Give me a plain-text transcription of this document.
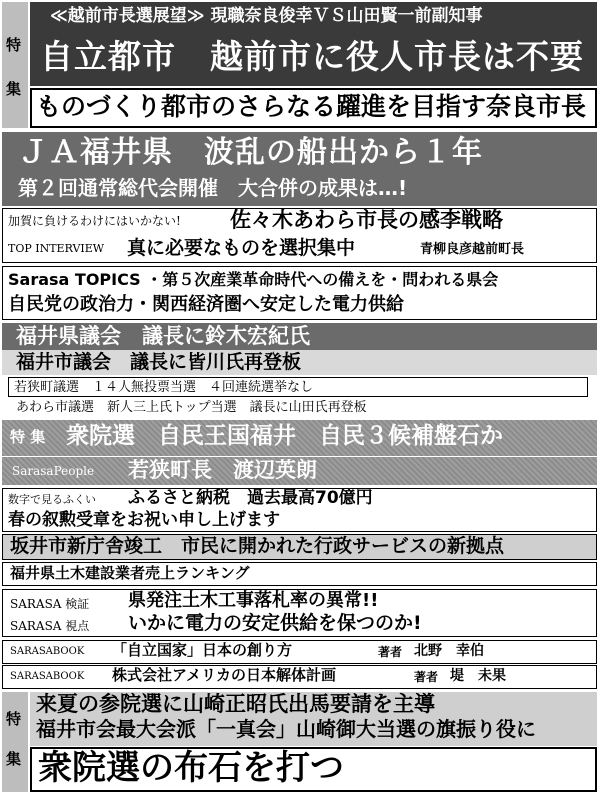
特
集
≪越前市長選展望≫ 現職奈良俊幸ＶＳ山田賢一前副知事
自立都市　越前市に役人市長は不要
ものづくり都市のさらなる躍進を目指す奈良市長
ＪＡ福井県　波乱の船出から１年
第２回通常総代会開催　大合併の成果は…!
加賀に負けるわけにはいかない! 佐々木あわら市長の感李戦略
TOP INTERVIEW 真に必要なものを選択集中	青柳良彦越前町長
Sarasa TOPICS ・第５次産業革命時代への備えを・問われる県会
自民党の政治力・関西経済圏へ安定した電力供給
福井県議会　議長に鈴木宏紀氏
福井市議会　議長に皆川氏再登板
若狭町議選　１４人無投票当選　４回連続選挙なし
あわら市議選　新人三上氏トップ当選　議長に山田氏再登板
特 集 衆院選　自民王国福井　自民３候補盤石か
SarasaPeople 若狭町長　渡辺英朗
数字で見るふくい ふるさと納税　過去最高70億円
春の叙勲受章をお祝い申し上げます
坂井市新庁舎竣工　市民に開かれた行政サービスの新拠点
福井県土木建設業者売上ランキング
SARASA 検証 県発注土木工事落札率の異常!!
SARASA 視点 いかに電力の安定供給を保つのか!
SARASABOOK 「自立国家」日本の創り方	著者 北野　幸伯
SARASABOOK 株式会社アメリカの日本解体計画	著者 堤　未果
特
集
来夏の参院選に山崎正昭氏出馬要請を主導
福井市会最大会派「一真会」山崎御大当選の旗振り役に
衆院選の布石を打つ
